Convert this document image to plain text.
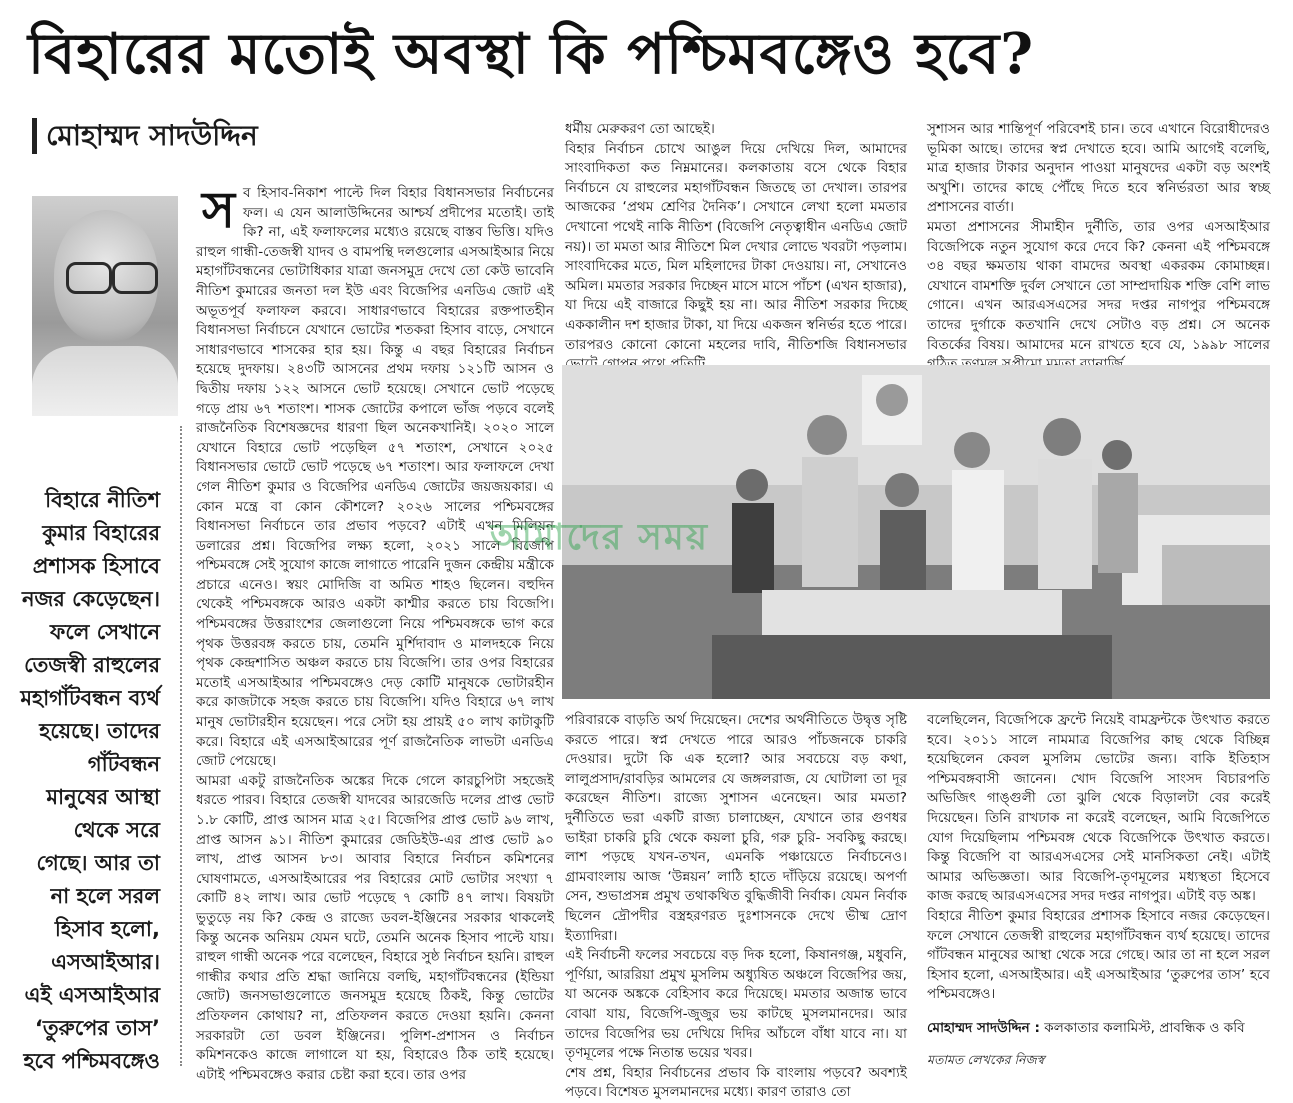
বিহারের মতোই অবস্থা কি পশ্চিমবঙ্গেও হবে?
মোহাম্মদ সাদউদ্দিন
বিহারে নীতিশ কুমার বিহারের প্রশাসক হিসাবে নজর কেড়েছেন। ফলে সেখানে তেজস্বী রাহুলের মহাগাঁটবন্ধন ব্যর্থ হয়েছে। তাদের গাঁটবন্ধন মানুষের আস্থা থেকে সরে গেছে। আর তা না হলে সরল হিসাব হলো, এসআইআর। এই এসআইআর ‘তুরুপের তাস’ হবে পশ্চিমবঙ্গেও
স ব হিসাব-নিকাশ পাল্টে দিল বিহার বিধানসভার নির্বাচনের ফল। এ যেন আলাউদ্দিনের আশ্চর্য প্রদীপের মতোই। তাই কি? না, এই ফলাফলের মধ্যেও রয়েছে বাস্তব ভিত্তি। যদিও রাহুল গান্ধী-তেজস্বী যাদব ও বামপন্থি দলগুলোর এসআইআর নিয়ে মহাগাঁটবন্ধনের ভোটাধিকার যাত্রা জনসমুদ্র দেখে তো কেউ ভাবেনি নীতিশ কুমারের জনতা দল ইউ এবং বিজেপির এনডিএ জোট এই অভূতপূর্ব ফলাফল করবে। সাধারণভাবে বিহারের রক্তপাতহীন বিধানসভা নির্বাচনে যেখানে ভোটের শতকরা হিসাব বাড়ে, সেখানে সাধারণভাবে শাসকের হার হয়। কিন্তু এ বছর বিহারের নির্বাচন হয়েছে দুদফায়। ২৪৩টি আসনের প্রথম দফায় ১২১টি আসন ও দ্বিতীয় দফায় ১২২ আসনে ভোট হয়েছে। সেখানে ভোট পড়েছে গড়ে প্রায় ৬৭ শতাংশ। শাসক জোটের কপালে ভাঁজ পড়বে বলেই রাজনৈতিক বিশেষজ্ঞদের ধারণা ছিল অনেকখানিই। ২০২০ সালে যেখানে বিহারে ভোট পড়েছিল ৫৭ শতাংশ, সেখানে ২০২৫ বিধানসভার ভোটে ভোট পড়েছে ৬৭ শতাংশ। আর ফলাফলে দেখা গেল নীতিশ কুমার ও বিজেপির এনডিএ জোটের জয়জয়কার। এ কোন মন্ত্রে বা কোন কৌশলে? ২০২৬ সালের পশ্চিমবঙ্গের বিধানসভা নির্বাচনে তার প্রভাব পড়বে? এটাই এখন মিলিয়ন ডলারের প্রশ্ন। বিজেপির লক্ষ্য হলো, ২০২১ সালে বিজেপি পশ্চিমবঙ্গে সেই সুযোগ কাজে লাগাতে পারেনি দুজন কেন্দ্রীয় মন্ত্রীকে প্রচারে এনেও। স্বয়ং মোদিজি বা অমিত শাহও ছিলেন। বহুদিন থেকেই পশ্চিমবঙ্গকে আরও একটা কাশ্মীর করতে চায় বিজেপি। পশ্চিমবঙ্গের উত্তরাংশের জেলাগুলো নিয়ে পশ্চিমবঙ্গকে ভাগ করে পৃথক উত্তরবঙ্গ করতে চায়, তেমনি মুর্শিদাবাদ ও মালদহকে নিয়ে পৃথক কেন্দ্রশাসিত অঞ্চল করতে চায় বিজেপি। তার ওপর বিহারের মতোই এসআইআর পশ্চিমবঙ্গেও দেড় কোটি মানুষকে ভোটারহীন করে কাজটাকে সহজ করতে চায় বিজেপি। যদিও বিহারে ৬৭ লাখ মানুষ ভোটারহীন হয়েছেন। পরে সেটা হয় প্রায়ই ৫০ লাখ কাটাকুটি করে। বিহারে এই এসআইআরের পূর্ণ রাজনৈতিক লাভটা এনডিএ জোট পেয়েছে।

আমরা একটু রাজনৈতিক অঙ্কের দিকে গেলে কারচুপিটা সহজেই ধরতে পারব। বিহারে তেজস্বী যাদবের আরজেডি দলের প্রাপ্ত ভোট ১.৮ কোটি, প্রাপ্ত আসন মাত্র ২৫। বিজেপির প্রাপ্ত ভোট ৯৬ লাখ, প্রাপ্ত আসন ৯১। নীতিশ কুমারের জেডিইউ-এর প্রাপ্ত ভোট ৯০ লাখ, প্রাপ্ত আসন ৮৩। আবার বিহারে নির্বাচন কমিশনের ঘোষণামতে, এসআইআরের পর বিহারের মোট ভোটার সংখ্যা ৭ কোটি ৪২ লাখ। আর ভোট পড়েছে ৭ কোটি ৪৭ লাখ। বিষয়টা ভুতুড়ে নয় কি? কেন্দ্র ও রাজ্যে ডবল-ইঞ্জিনের সরকার থাকলেই কিন্তু অনেক অনিয়ম যেমন ঘটে, তেমনি অনেক হিসাব পাল্টে যায়। রাহুল গান্ধী অনেক পরে বলেছেন, বিহারে সুষ্ঠ নির্বাচন হয়নি। রাহুল গান্ধীর কথার প্রতি শ্রদ্ধা জানিয়ে বলছি, মহাগাঁটবন্ধনের (ইন্ডিয়া জোট) জনসভাগুলোতে জনসমুদ্র হয়েছে ঠিকই, কিন্তু ভোটের প্রতিফলন কোথায়? না, প্রতিফলন করতে দেওয়া হয়নি। কেননা সরকারটা তো ডবল ইঞ্জিনের। পুলিশ-প্রশাসন ও নির্বাচন কমিশনকেও কাজে লাগালে যা হয়, বিহারেও ঠিক তাই হয়েছে। এটাই পশ্চিমবঙ্গেও করার চেষ্টা করা হবে। তার ওপর

ধর্মীয় মেরুকরণ তো আছেই।

বিহার নির্বাচন চোখে আঙুল দিয়ে দেখিয়ে দিল, আমাদের সাংবাদিকতা কত নিম্নমানের। কলকাতায় বসে থেকে বিহার নির্বাচনে যে রাহুলের মহাগাঁটবন্ধন জিতছে তা দেখাল। তারপর আজকের ‘প্রথম শ্রেণির দৈনিক’। সেখানে লেখা হলো মমতার দেখানো পথেই নাকি নীতিশ (বিজেপি নেতৃত্বাধীন এনডিএ জোট নয়)। তা মমতা আর নীতিশে মিল দেখার লোভে খবরটা পড়লাম। সাংবাদিকের মতে, মিল মহিলাদের টাকা দেওয়ায়। না, সেখানেও অমিল। মমতার সরকার দিচ্ছেন মাসে মাসে পাঁচশ (এখন হাজার), যা দিয়ে এই বাজারে কিছুই হয় না। আর নীতিশ সরকার দিচ্ছে এককালীন দশ হাজার টাকা, যা দিয়ে একজন স্বনির্ভর হতে পারে। তারপরও কোনো কোনো মহলের দাবি, নীতিশজি বিধানসভার

সুশাসন আর শান্তিপূর্ণ পরিবেশই চান। তবে এখানে বিরোধীদেরও ভূমিকা আছে। তাদের স্বপ্ন দেখাতে হবে। আমি আগেই বলেছি, মাত্র হাজার টাকার অনুদান পাওয়া মানুষদের একটা বড় অংশই অখুশি। তাদের কাছে পৌঁছে দিতে হবে স্বনির্ভরতা আর স্বচ্ছ প্রশাসনের বার্তা।

মমতা প্রশাসনের সীমাহীন দুর্নীতি, তার ওপর এসআইআর বিজেপিকে নতুন সুযোগ করে দেবে কি? কেননা এই পশ্চিমবঙ্গে ৩৪ বছর ক্ষমতায় থাকা বামদের অবস্থা একরকম কোমাচ্ছন্ন। যেখানে বামশক্তি দুর্বল সেখানে তো সাম্প্রদায়িক শক্তি বেশি লাভ গোনে। এখন আরএসএসের সদর দপ্তর নাগপুর পশ্চিমবঙ্গে তাদের দুর্গাকে কতখানি দেখে সেটাও বড় প্রশ্ন। সে অনেক বিতর্কের বিষয়। আমাদের মনে রাখতে হবে যে, ১৯৯৮ সালের

আমাদের সময়

পরিবারকে বাড়তি অর্থ দিয়েছেন। দেশের অর্থনীতিতে উদ্বৃত্ত সৃষ্টি করতে পারে। স্বপ্ন দেখতে পারে আরও পাঁচজনকে চাকরি দেওয়ার। দুটো কি এক হলো? আর সবচেয়ে বড় কথা, লালুপ্রসাদ/রাবড়ির আমলের যে জঙ্গলরাজ, যে ঘোটালা তা দূর করেছেন নীতিশ। রাজ্যে সুশাসন এনেছেন। আর মমতা? দুর্নীতিতে ভরা একটি রাজ্য চালাচ্ছেন, যেখানে তার গুণধর ভাইরা চাকরি চুরি থেকে কয়লা চুরি, গরু চুরি- সবকিছু করছে। লাশ পড়ছে যখন-তখন, এমনকি পঞ্চায়েতে নির্বাচনেও। গ্রামবাংলায় আজ ‘উন্নয়ন’ লাঠি হাতে দাঁড়িয়ে রয়েছে। অপর্ণা সেন, শুভাপ্রসন্ন প্রমুখ তথাকথিত বুদ্ধিজীবী নির্বাক। যেমন নির্বাক ছিলেন দ্রৌপদীর বস্ত্রহরণরত দুঃশাসনকে দেখে ভীষ্ম দ্রোণ ইত্যাদিরা।

এই নির্বাচনী ফলের সবচেয়ে বড় দিক হলো, কিষানগঞ্জ, মধুবনি, পূর্ণিয়া, আররিয়া প্রমুখ মুসলিম অধ্যুষিত অঞ্চলে বিজেপির জয়, যা অনেক অঙ্ককে বেহিসাব করে দিয়েছে। মমতার অজান্ত ভাবে বোঝা যায়, বিজেপি-জুজুর ভয় কাটছে মুসলমানদের। আর তাদের বিজেপির ভয় দেখিয়ে দিদির আঁচলে বাঁধা যাবে না। যা তৃণমূলের পক্ষে নিতান্ত ভয়ের খবর।

শেষ প্রশ্ন, বিহার নির্বাচনের প্রভাব কি বাংলায় পড়বে? অবশ্যই পড়বে। বিশেষত মুসলমানদের মধ্যে। কারণ তারাও তো

বলেছিলেন, বিজেপিকে ফ্রন্টে নিয়েই বামফ্রন্টকে উৎখাত করতে হবে। ২০১১ সালে নামমাত্র বিজেপির কাছ থেকে বিচ্ছিন্ন হয়েছিলেন কেবল মুসলিম ভোটের জন্য। বাকি ইতিহাস পশ্চিমবঙ্গবাসী জানেন। খোদ বিজেপি সাংসদ বিচারপতি অভিজিৎ গাঙ্গুলী তো ঝুলি থেকে বিড়ালটা বের করেই দিয়েছেন। তিনি রাখঢাক না করেই বলেছেন, আমি বিজেপিতে যোগ দিয়েছিলাম পশ্চিমবঙ্গ থেকে বিজেপিকে উৎখাত করতে। কিন্তু বিজেপি বা আরএসএসের সেই মানসিকতা নেই। এটাই আমার অভিজ্ঞতা। আর বিজেপি-তৃণমূলের মধ্যস্থতা হিসেবে কাজ করছে আরএসএসের সদর দপ্তর নাগপুর। এটাই বড় অঙ্ক।

বিহারে নীতিশ কুমার বিহারের প্রশাসক হিসাবে নজর কেড়েছেন। ফলে সেখানে তেজস্বী রাহুলের মহাগাঁটবন্ধন ব্যর্থ হয়েছে। তাদের গাঁটবন্ধন মানুষের আস্থা থেকে সরে গেছে। আর তা না হলে সরল হিসাব হলো, এসআইআর। এই এসআইআর ‘তুরুপের তাস’ হবে পশ্চিমবঙ্গেও।

মোহাম্মদ সাদউদ্দিন : কলকাতার কলামিস্ট, প্রাবন্ধিক ও কবি
মতামত লেখকের নিজস্ব
